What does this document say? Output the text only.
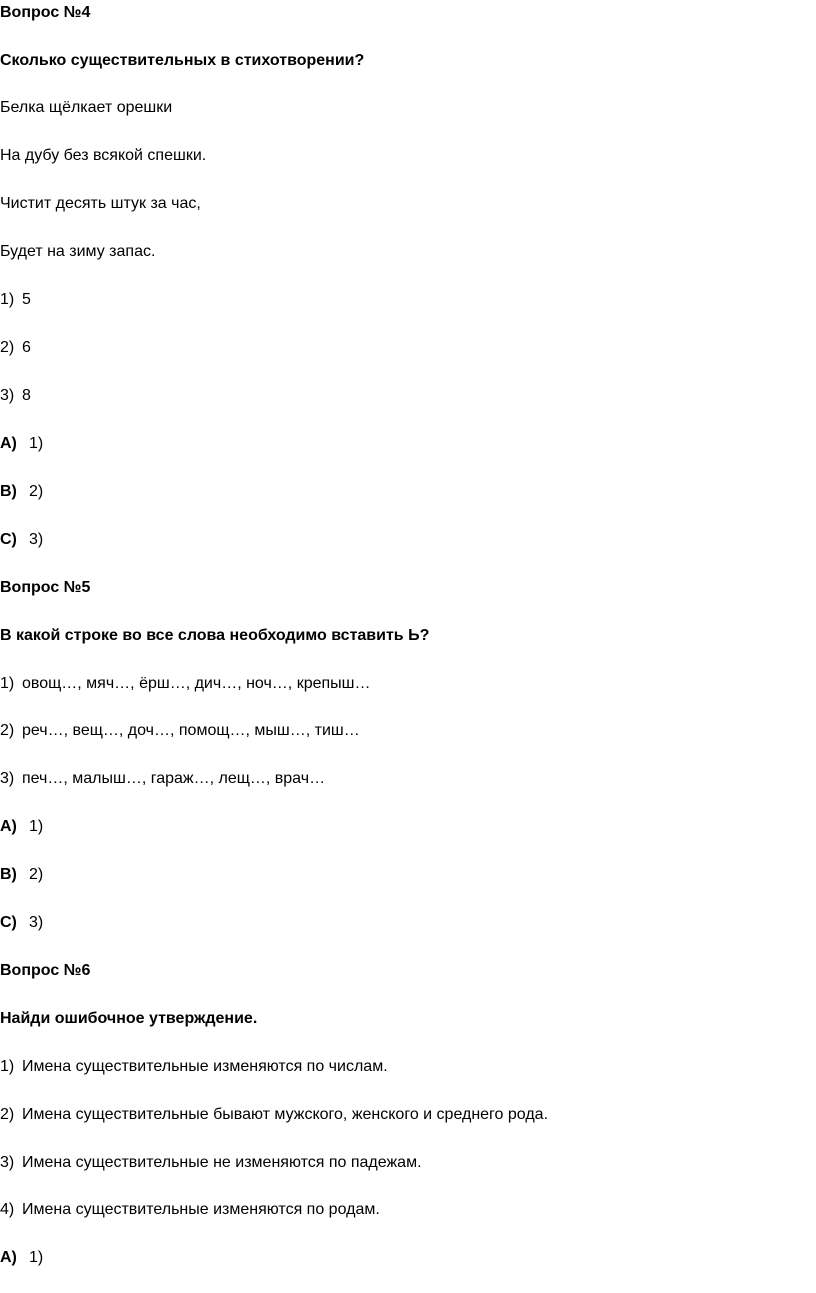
Вопрос №4
Сколько существительных в стихотворении?
Белка щёлкает орешки
На дубу без всякой спешки.
Чистит десять штук за час,
Будет на зиму запас.
1) 5
2) 6
3) 8
A) 1)
B) 2)
C) 3)
Вопрос №5
В какой строке во все слова необходимо вставить Ь?
1) овощ…, мяч…, ёрш…, дич…, ноч…, крепыш…
2) реч…, вещ…, доч…, помощ…, мыш…, тиш…
3) печ…, малыш…, гараж…, лещ…, врач…
A) 1)
B) 2)
C) 3)
Вопрос №6
Найди ошибочное утверждение.
1) Имена существительные изменяются по числам.
2) Имена существительные бывают мужского, женского и среднего рода.
3) Имена существительные не изменяются по падежам.
4) Имена существительные изменяются по родам.
A) 1)
